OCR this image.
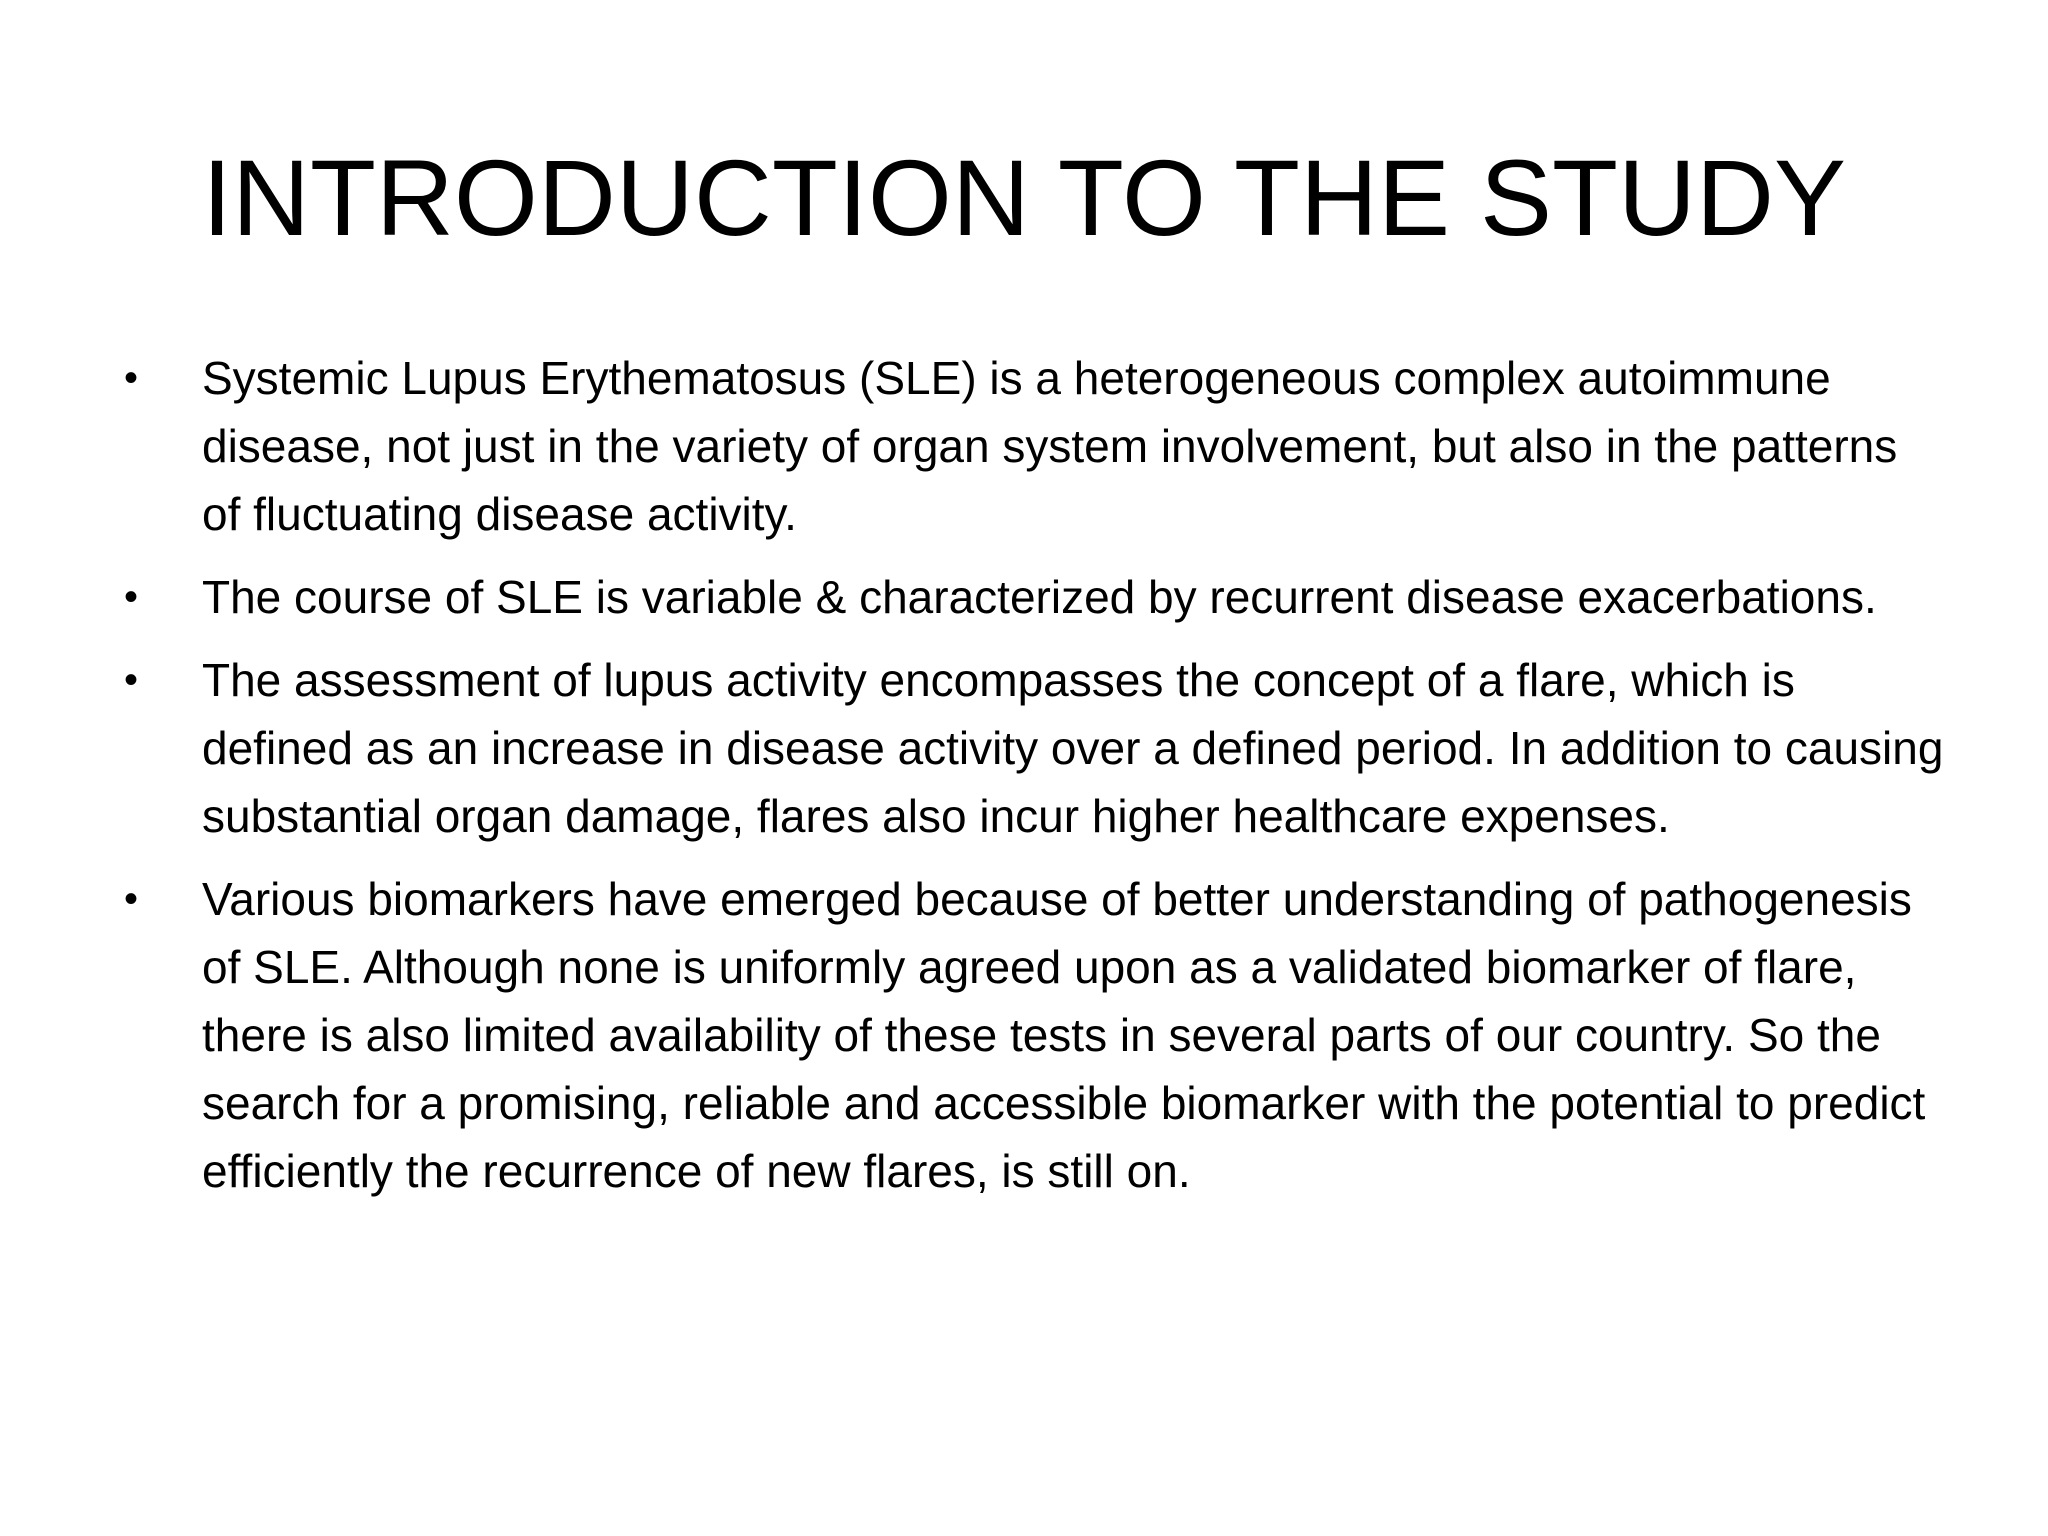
INTRODUCTION TO THE STUDY
•	Systemic Lupus Erythematosus (SLE) is a heterogeneous complex autoimmune disease, not just in the variety of organ system involvement, but also in the patterns of fluctuating disease activity.
•	The course of SLE is variable & characterized by recurrent disease exacerbations.
•	The assessment of lupus activity encompasses the concept of a flare, which is defined as an increase in disease activity over a defined period. In addition to causing substantial organ damage, flares also incur higher healthcare expenses.
•	Various biomarkers have emerged because of better understanding of pathogenesis of SLE. Although none is uniformly agreed upon as a validated biomarker of flare, there is also limited availability of these tests in several parts of our country. So the search for a promising, reliable and accessible biomarker with the potential to predict efficiently the recurrence of new flares, is still on.
